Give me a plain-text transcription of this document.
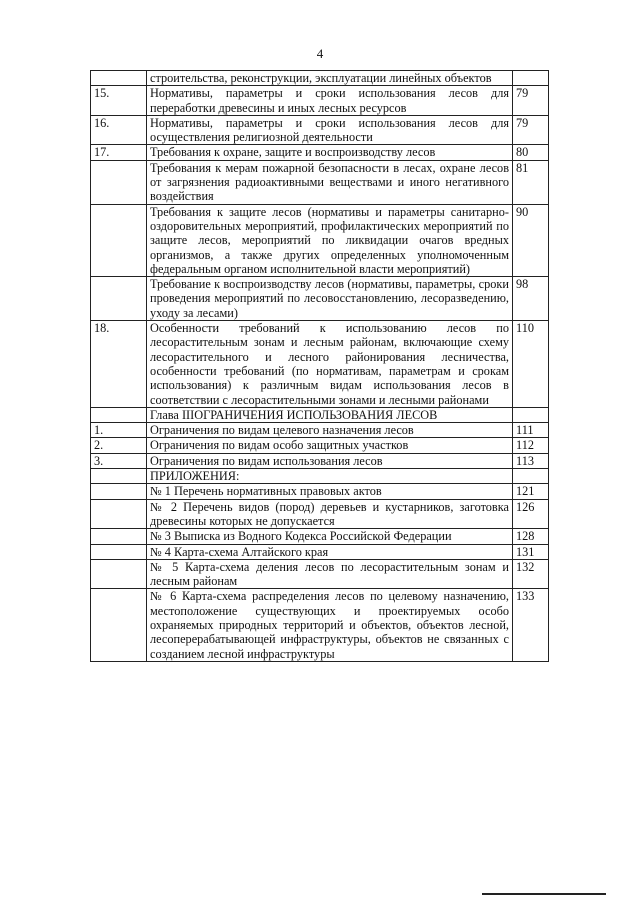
4
	строительства, реконструкции, эксплуатации линейных объектов	
15.	Нормативы, параметры и сроки использования лесов для переработки древесины и иных лесных ресурсов	79
16.	Нормативы, параметры и сроки использования лесов для осуществления религиозной деятельности	79
17.	Требования к охране, защите и воспроизводству лесов	80
	Требования к мерам пожарной безопасности в лесах, охране лесов от загрязнения радиоактивными веществами и иного негативного воздействия	81
	Требования к защите лесов (нормативы и параметры санитарно-оздоровительных мероприятий, профилактических мероприятий по защите лесов, мероприятий по ликвидации очагов вредных организмов, а также других определенных уполномоченным федеральным органом исполнительной власти мероприятий)	90
	Требование к воспроизводству лесов (нормативы, параметры, сроки проведения мероприятий по лесовосстановлению, лесоразведению, уходу за лесами)	98
18.	Особенности требований к использованию лесов по лесорастительным зонам и лесным районам, включающие схему лесорастительного и лесного районирования лесничества, особенности требований (по нормативам, параметрам и срокам использования) к различным видам использования лесов в соответствии с лесорастительными зонами и лесными районами	110
	Глава IIIОГРАНИЧЕНИЯ ИСПОЛЬЗОВАНИЯ ЛЕСОВ	
1.	Ограничения по видам целевого назначения лесов	111
2.	Ограничения по видам особо защитных участков	112
3.	Ограничения по видам использования лесов	113
	ПРИЛОЖЕНИЯ:	
	№ 1 Перечень нормативных правовых актов	121
	№ 2 Перечень видов (пород) деревьев и кустарников, заготовка древесины которых не допускается	126
	№ 3 Выписка из Водного Кодекса Российской Федерации	128
	№ 4 Карта-схема Алтайского края	131
	№ 5 Карта-схема деления лесов по лесорастительным зонам и лесным районам	132
	№ 6 Карта-схема распределения лесов по целевому назначению, местоположение существующих и проектируемых особо охраняемых природных территорий и объектов, объектов лесной, лесоперерабатывающей инфраструктуры, объектов не связанных с созданием лесной инфраструктуры	133
